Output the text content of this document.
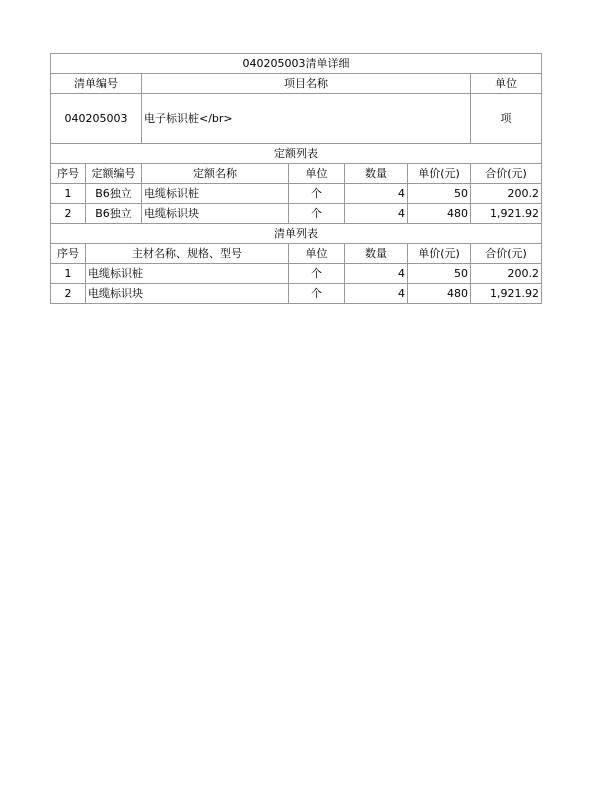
040205003清单详细							
清单编号		项目名称				单位	
040205003		电子标识桩</br>				项	
定额列表							
序号	定额编号	定额名称	单位	数量	单价(元)	合价(元)	
1	B6独立	电缆标识桩	个	4	50	200.2	
2	B6独立	电缆标识块	个	4	480	1,921.92	
清单列表							
序号	主材名称、规格、型号		单位	数量	单价(元)	合价(元)	
1	电缆标识桩		个	4	50	200.2	
2	电缆标识块		个	4	480	1,921.92	
